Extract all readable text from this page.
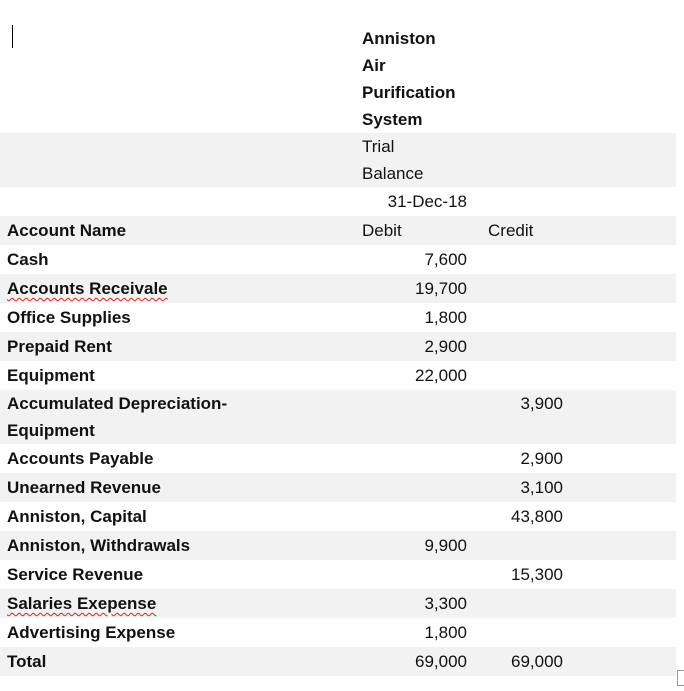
	Anniston
Air
Purification
System		

	Trial
Balance		

	31-Dec-18		
Account Name	Debit	Credit	
Cash	7,600		
Accounts Receivale	19,700		
Office Supplies	1,800		
Prepaid Rent	2,900		
Equipment	22,000		

Accumulated Depreciation-
Equipment		3,900	
Accounts Payable		2,900	
Unearned Revenue		3,100	
Anniston, Capital		43,800	
Anniston, Withdrawals	9,900		
Service Revenue		15,300	
Salaries Exepense	3,300		
Advertising Expense	1,800		
Total	69,000	69,000	
